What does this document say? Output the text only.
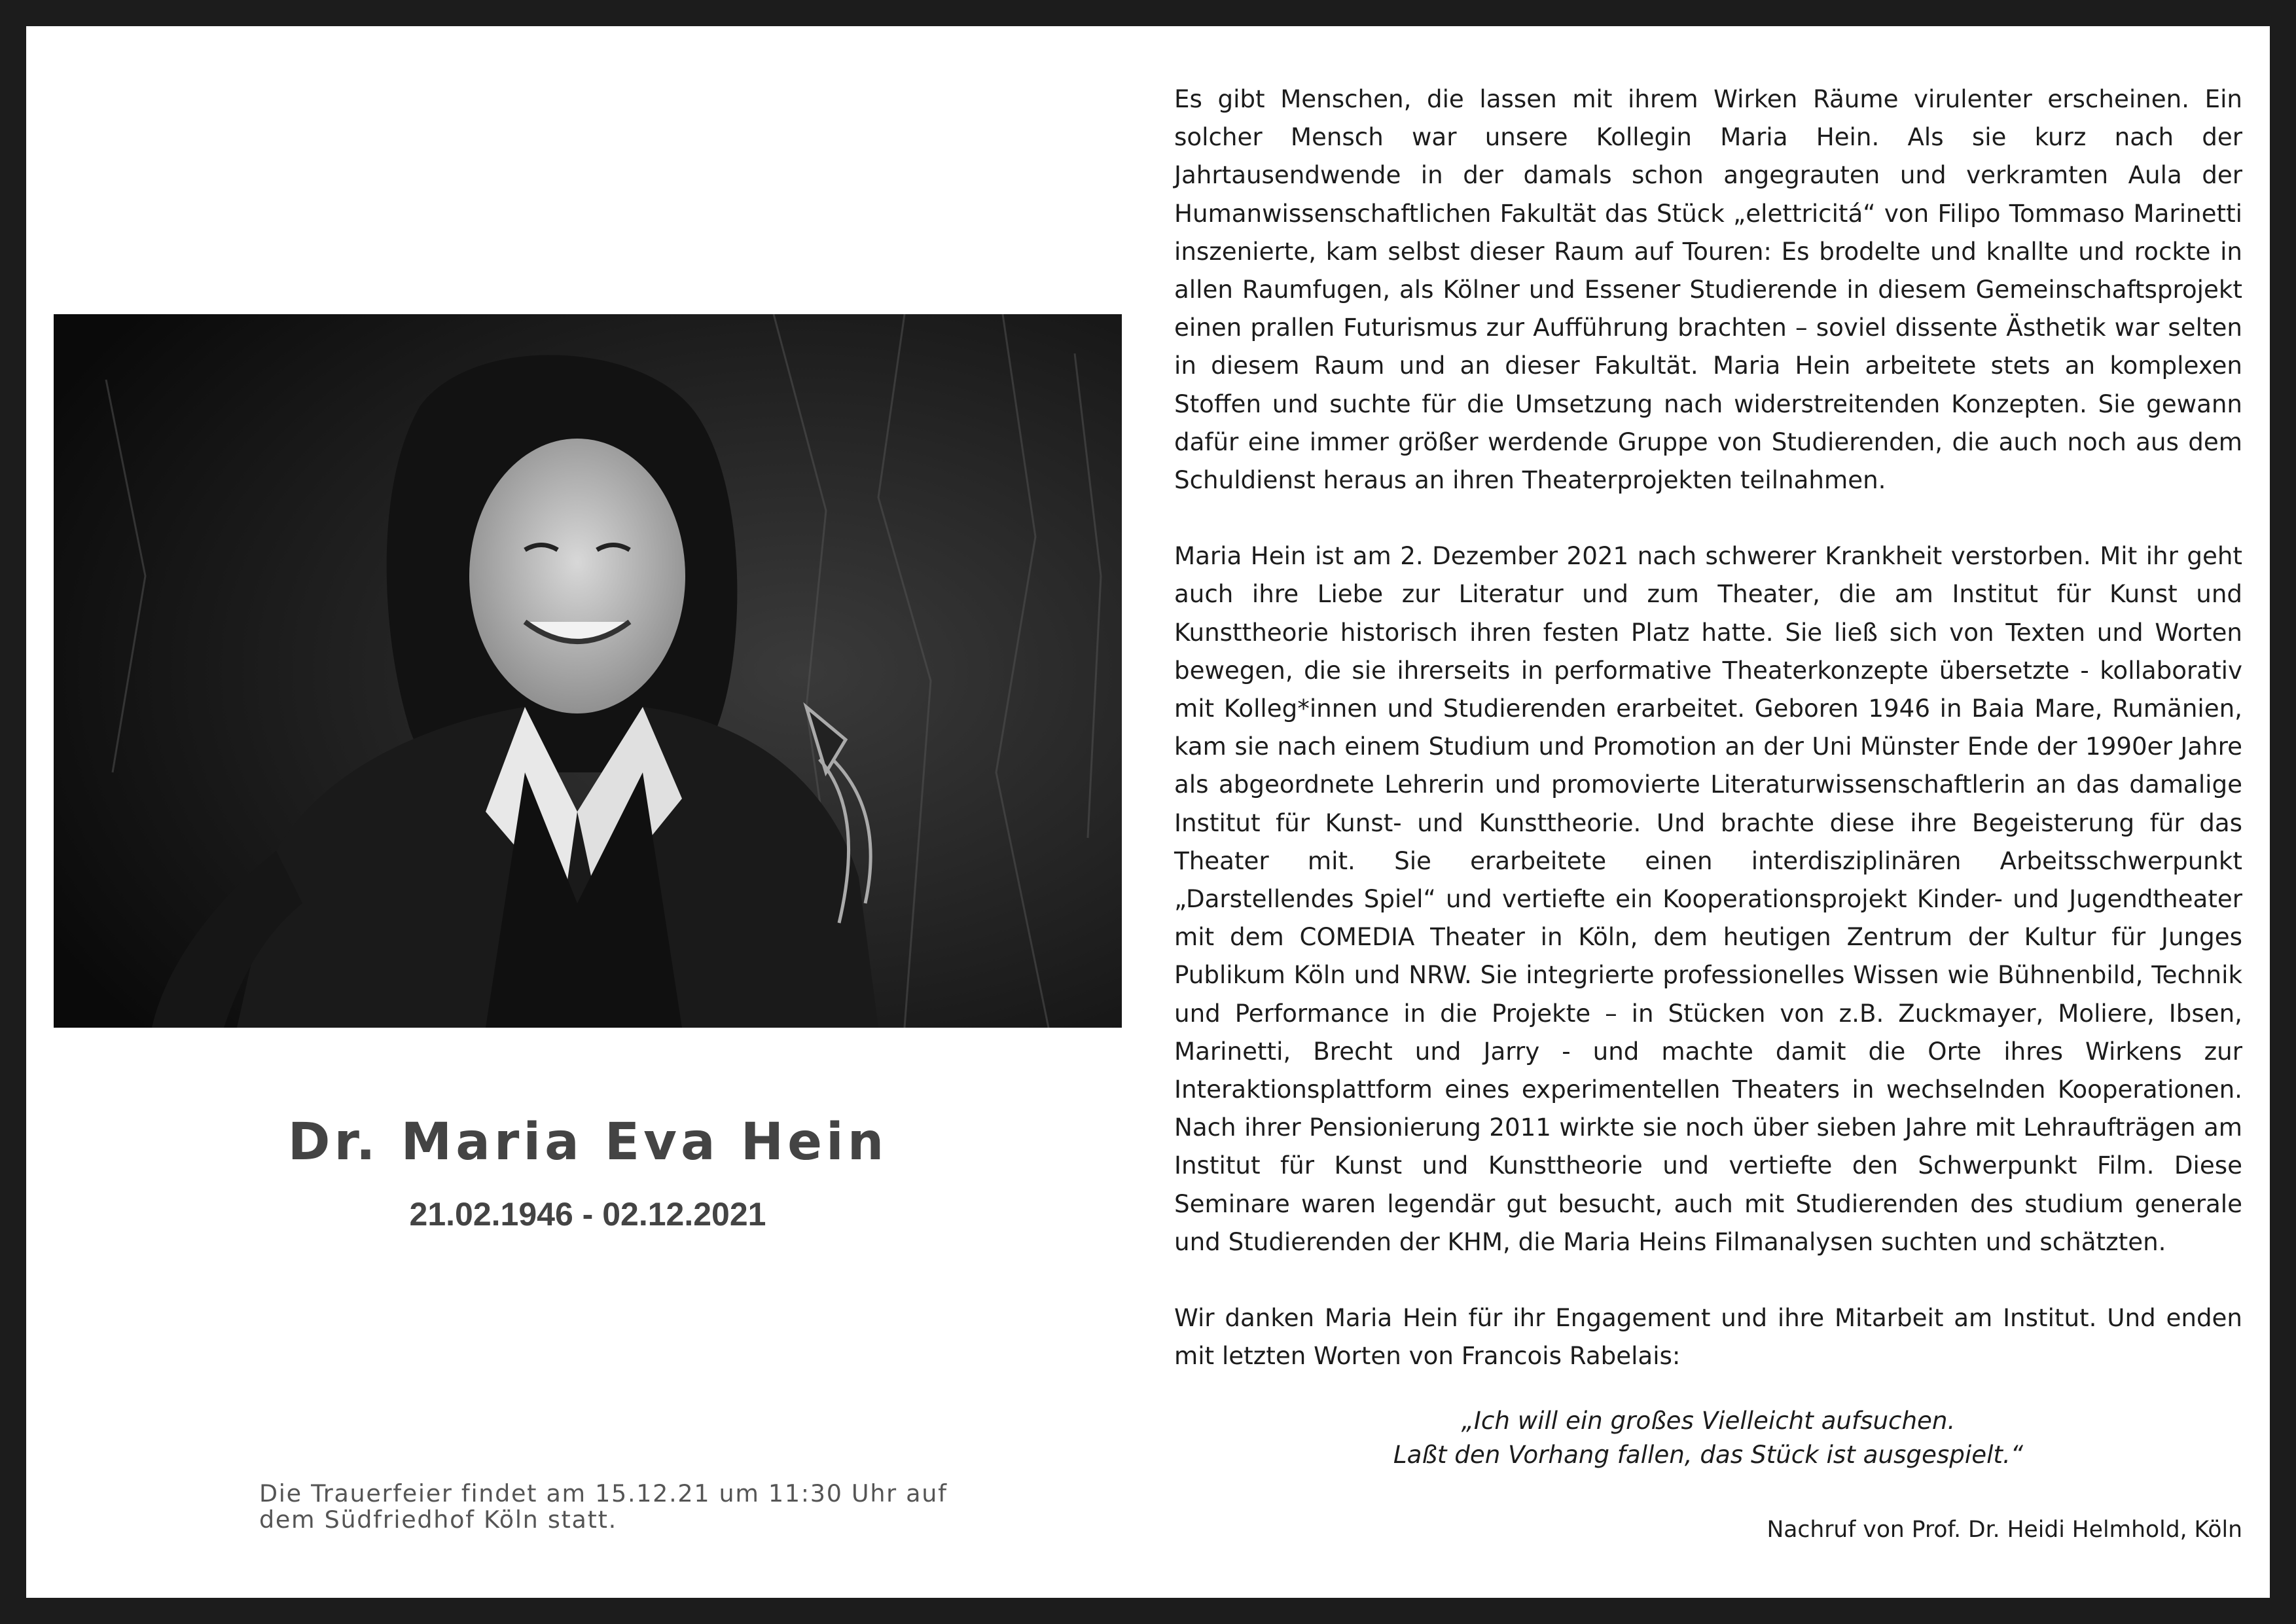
Dr. Maria Eva Hein
21.02.1946 - 02.12.2021
Die Trauerfeier findet am 15.12.21 um 11:30 Uhr auf
dem Südfriedhof Köln statt.

Es gibt Menschen, die lassen mit ihrem Wirken Räume virulenter erscheinen. Ein solcher Mensch war unsere Kollegin Maria Hein. Als sie kurz nach der Jahrtausendwende in der damals schon angegrauten und verkramten Aula der Humanwissenschaftlichen Fakultät das Stück „elettricitá“ von Filipo Tommaso Marinetti inszenierte, kam selbst dieser Raum auf Touren: Es brodelte und knallte und rockte in allen Raumfugen, als Kölner und Essener Studierende in diesem Gemeinschaftsprojekt einen prallen Futurismus zur Aufführung brachten – soviel dissente Ästhetik war selten in diesem Raum und an dieser Fakultät. Maria Hein arbeitete stets an komplexen Stoffen und suchte für die Umsetzung nach widerstreitenden Konzepten. Sie gewann dafür eine immer größer werdende Gruppe von Studierenden, die auch noch aus dem Schuldienst heraus an ihren Theaterprojekten teilnahmen.

Maria Hein ist am 2. Dezember 2021 nach schwerer Krankheit verstorben. Mit ihr geht auch ihre Liebe zur Literatur und zum Theater, die am Institut für Kunst und Kunsttheorie historisch ihren festen Platz hatte. Sie ließ sich von Texten und Worten bewegen, die sie ihrerseits in performative Theaterkonzepte übersetzte - kollaborativ mit Kolleg*innen und Studierenden erarbeitet. Geboren 1946 in Baia Mare, Rumänien, kam sie nach einem Studium und Promotion an der Uni Münster Ende der 1990er Jahre als abgeordnete Lehrerin und promovierte Literaturwissenschaftlerin an das damalige Institut für Kunst- und Kunsttheorie. Und brachte diese ihre Begeisterung für das Theater mit. Sie erarbeitete einen interdisziplinären Arbeitsschwerpunkt „Darstellendes Spiel“ und vertiefte ein Kooperationsprojekt Kinder- und Jugendtheater mit dem COMEDIA Theater in Köln, dem heutigen Zentrum der Kultur für Junges Publikum Köln und NRW. Sie integrierte professionelles Wissen wie Bühnenbild, Technik und Performance in die Projekte – in Stücken von z.B. Zuckmayer, Moliere, Ibsen, Marinetti, Brecht und Jarry - und machte damit die Orte ihres Wirkens zur Interaktionsplattform eines experimentellen Theaters in wechselnden Kooperationen. Nach ihrer Pensionierung 2011 wirkte sie noch über sieben Jahre mit Lehraufträgen am Institut für Kunst und Kunsttheorie und vertiefte den Schwerpunkt Film. Diese Seminare waren legendär gut besucht, auch mit Studierenden des studium generale und Studierenden der KHM, die Maria Heins Filmanalysen suchten und schätzten.

Wir danken Maria Hein für ihr Engagement und ihre Mitarbeit am Institut. Und enden mit letzten Worten von Francois Rabelais:

„Ich will ein großes Vielleicht aufsuchen.
Laßt den Vorhang fallen, das Stück ist ausgespielt.“
Nachruf von Prof. Dr. Heidi Helmhold, Köln
